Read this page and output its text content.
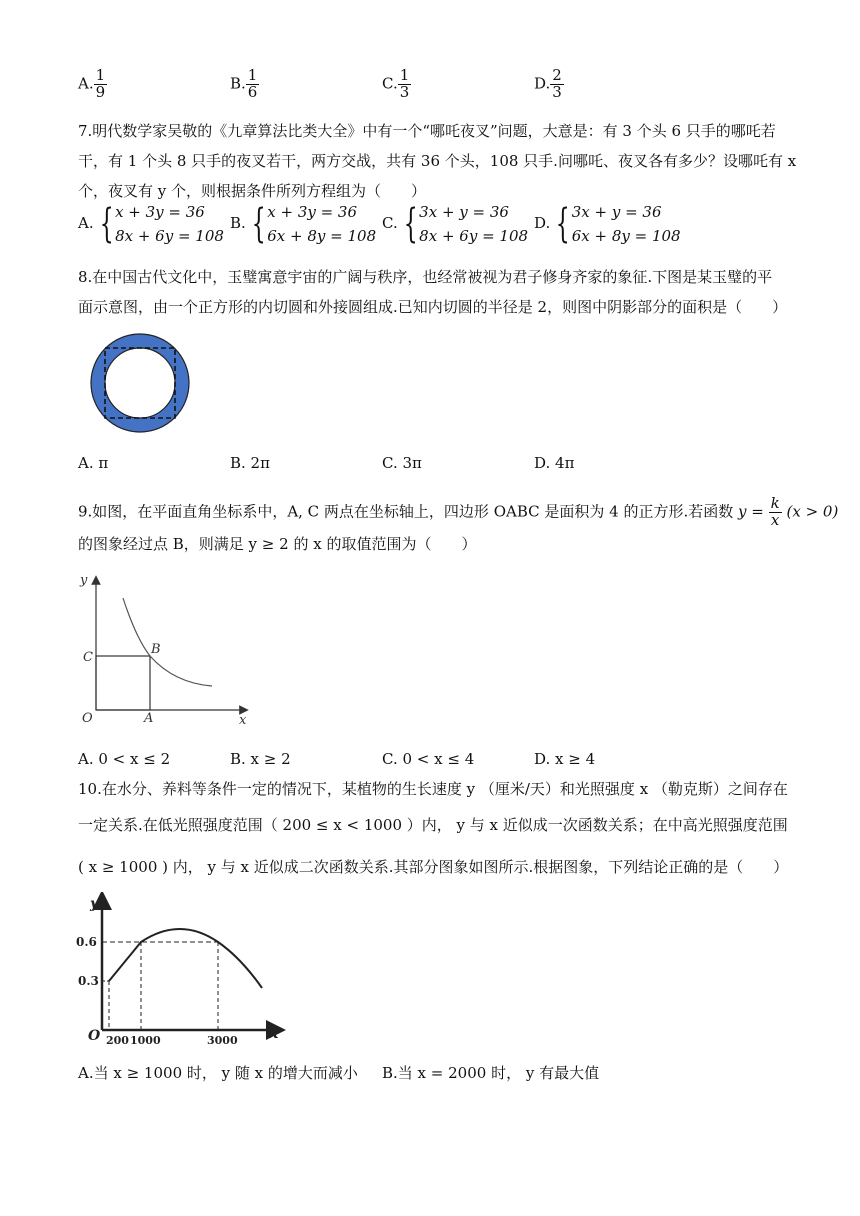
A. $\frac{1}{9}$	B. $\frac{1}{6}$	C. $\frac{1}{3}$	D. $\frac{2}{3}$
7.明代数学家吴敬的《九章算法比类大全》中有一个“哪吒夜叉”问题，大意是：有 3 个头 6 只手的哪吒若
干，有 1 个头 8 只手的夜叉若干，两方交战，共有 36 个头，108 只手.问哪吒、夜叉各有多少？设哪吒有 x
个，夜叉有 y 个，则根据条件所列方程组为（　　）
A. { x + 3y = 36
8x + 6y = 108
B. { x + 3y = 36
6x + 8y = 108
C. { 3x + y = 36
8x + 6y = 108
D. { 3x + y = 36
6x + 8y = 108
8.在中国古代文化中，玉璧寓意宇宙的广阔与秩序，也经常被视为君子修身齐家的象征.下图是某玉璧的平
面示意图，由一个正方形的内切圆和外接圆组成.已知内切圆的半径是 2，则图中阴影部分的面积是（　　）
A. π	B. 2π	C. 3π	D. 4π
9.如图，在平面直角坐标系中，A, C 两点在坐标轴上，四边形 OABC 是面积为 4 的正方形.若函数 $y = \frac{k}{x} (x > 0)$
的图象经过点 B，则满足 y ≥ 2 的 x 的取值范围为（　　）
y
x
C
B
O	A
A. 0 < x ≤ 2	B. x ≥ 2	C. 0 < x ≤ 4	D. x ≥ 4
10.在水分、养料等条件一定的情况下，某植物的生长速度 y （厘米/天）和光照强度 x （勒克斯）之间存在
一定关系.在低光照强度范围（ 200 ≤ x < 1000 ）内， y 与 x 近似成一次函数关系；在中高光照强度范围
( x ≥ 1000 ) 内， y 与 x 近似成二次函数关系.其部分图象如图所示.根据图象，下列结论正确的是（　　）
y
x
O
0.6
0.3
200 1000	3000
A.当 x ≥ 1000 时， y 随 x 的增大而减小 B.当 x = 2000 时， y 有最大值
